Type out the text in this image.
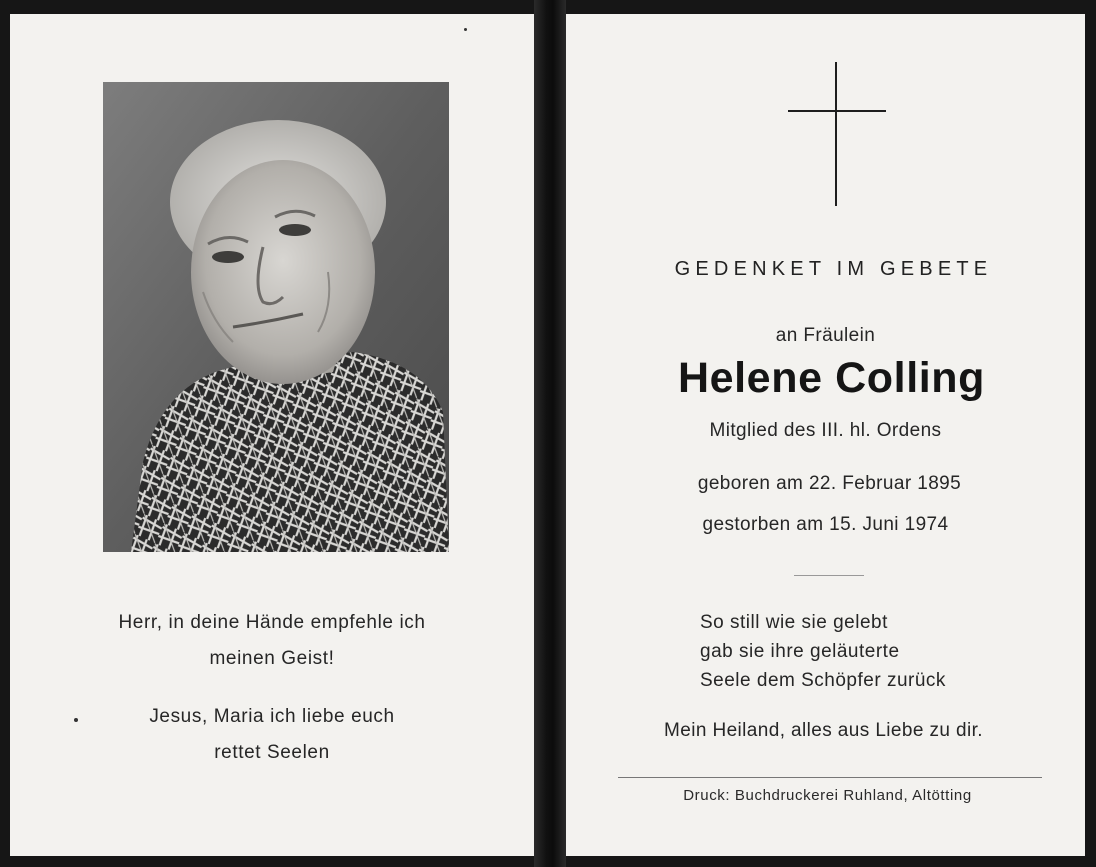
Herr, in deine Hände empfehle ich
meinen Geist!
Jesus, Maria ich liebe euch
rettet Seelen
GEDENKET IM GEBETE
an Fräulein
Helene Colling
Mitglied des III. hl. Ordens
geboren am 22. Februar 1895
gestorben am 15. Juni 1974
So still wie sie gelebt
gab sie ihre geläuterte
Seele dem Schöpfer zurück
Mein Heiland, alles aus Liebe zu dir.
Druck: Buchdruckerei Ruhland, Altötting
